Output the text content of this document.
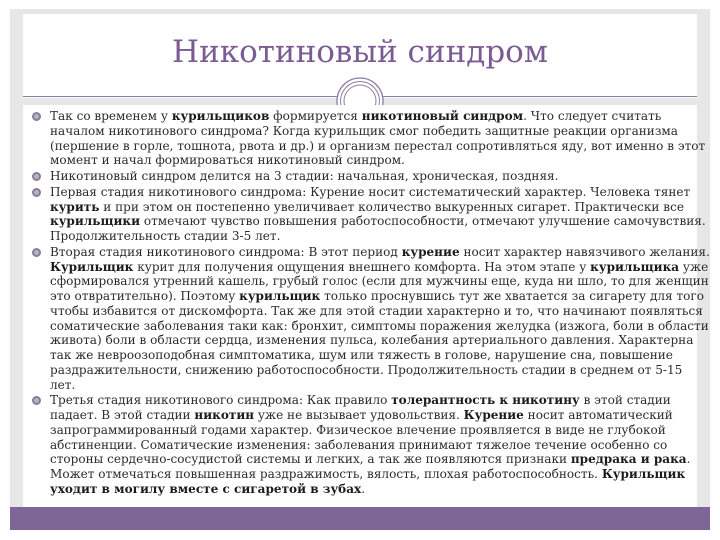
Никотиновый синдром
Так со временем у курильщиков формируется никотиновый синдром. Что следует считать началом никотинового синдрома? Когда курильщик смог победить защитные реакции организма (першение в горле, тошнота, рвота и др.) и организм перестал сопротивляться яду, вот именно в этот момент и начал формироваться никотиновый синдром.
Никотиновый синдром делится на 3 стадии: начальная, хроническая, поздняя.
Первая стадия никотинового синдрома: Курение носит систематический характер. Человека тянет курить и при этом он постепенно увеличивает количество выкуренных сигарет. Практически все курильщики отмечают чувство повышения работоспособности, отмечают улучшение самочувствия. Продолжительность стадии 3-5 лет.
Вторая стадия никотинового синдрома: В этот период курение носит характер навязчивого желания. Курильщик курит для получения ощущения внешнего комфорта. На этом этапе у курильщика уже сформировался утренний кашель, грубый голос (если для мужчины еще, куда ни шло, то для женщин это отвратительно). Поэтому курильщик только проснувшись тут же хватается за сигарету для того чтобы избавится от дискомфорта. Так же для этой стадии характерно и то, что начинают появляться соматические заболевания таки как: бронхит, симптомы поражения желудка (изжога, боли в области живота) боли в области сердца, изменения пульса, колебания артериального давления. Характерна так же невроозоподобная симптоматика, шум или тяжесть в голове, нарушение сна, повышение раздражительности, снижению работоспособности. Продолжительность стадии в среднем от 5-15 лет.
Третья стадия никотинового синдрома: Как правило толерантность к никотину в этой стадии падает. В этой стадии никотин уже не вызывает удовольствия. Курение носит автоматический запрограммированный годами характер. Физическое влечение проявляется в виде не глубокой абстиненции. Соматические изменения: заболевания принимают тяжелое течение особенно со стороны сердечно-сосудистой системы и легких, а так же появляются признаки предрака и рака. Может отмечаться повышенная раздражимость, вялость, плохая работоспособность. Курильщик уходит в могилу вместе с сигаретой в зубах.
